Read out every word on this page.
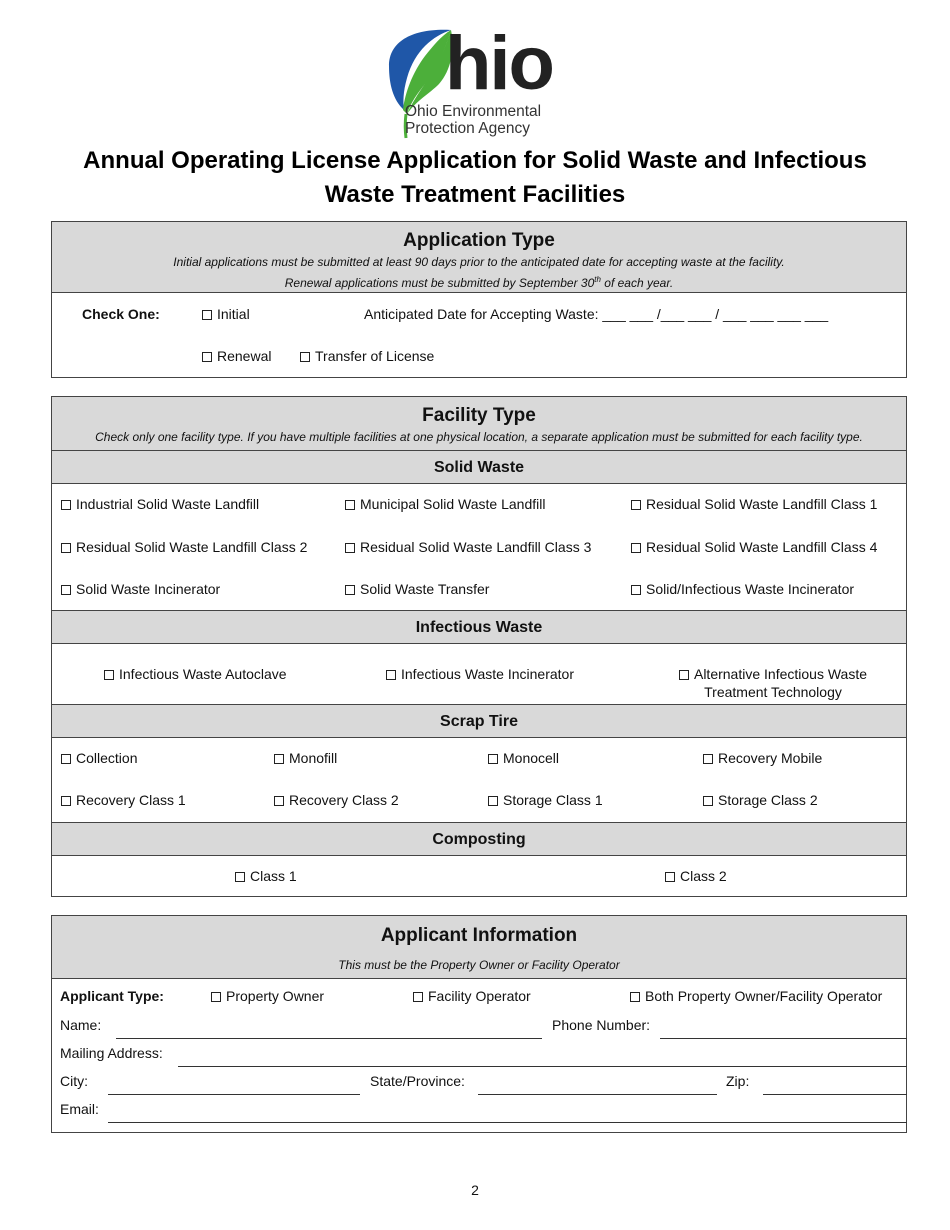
hio
Ohio Environmental
Protection Agency
Annual Operating License Application for Solid Waste and Infectious
Waste Treatment Facilities
Application Type
Initial applications must be submitted at least 90 days prior to the anticipated date for accepting waste at the facility.
Renewal applications must be submitted by September 30th of each year.
Check One:	Initial	Anticipated Date for Accepting Waste: ___ ___ /___ ___ / ___ ___ ___ ___
Renewal	Transfer of License
Facility Type
Check only one facility type. If you have multiple facilities at one physical location, a separate application must be submitted for each facility type.
Solid Waste
Industrial Solid Waste Landfill	Municipal Solid Waste Landfill	Residual Solid Waste Landfill Class 1
Residual Solid Waste Landfill Class 2	Residual Solid Waste Landfill Class 3	Residual Solid Waste Landfill Class 4
Solid Waste Incinerator	Solid Waste Transfer	Solid/Infectious Waste Incinerator
Infectious Waste
Infectious Waste Autoclave	Infectious Waste Incinerator	Alternative Infectious Waste
Treatment Technology
Scrap Tire
Collection	Monofill	Monocell	Recovery Mobile
Recovery Class 1	Recovery Class 2	Storage Class 1	Storage Class 2
Composting
Class 1	Class 2
Applicant Information
This must be the Property Owner or Facility Operator
Applicant Type:	Property Owner	Facility Operator	Both Property Owner/Facility Operator
Name:	Phone Number:
Mailing Address:
City:	State/Province:	Zip:
Email:
2
